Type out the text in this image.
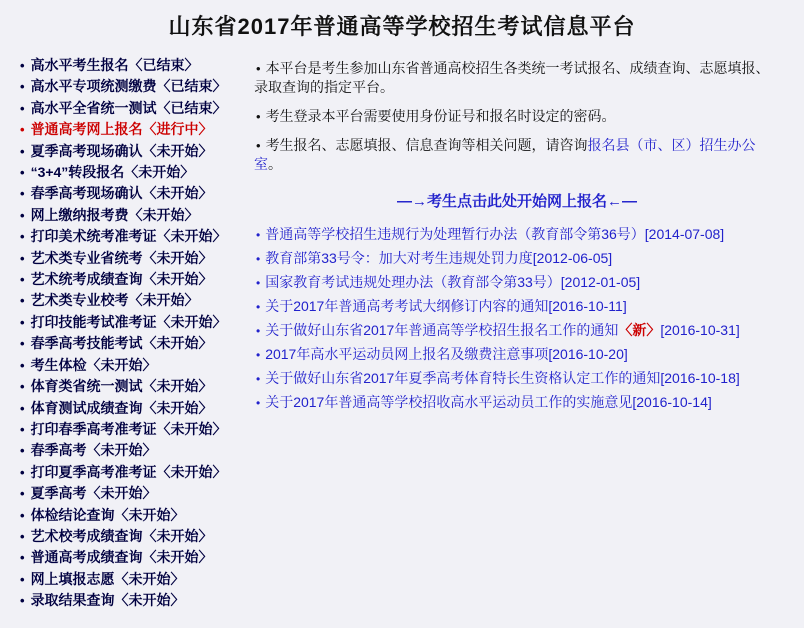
山东省2017年普通高等学校招生考试信息平台
• 高水平考生报名〈已结束〉
• 高水平专项统测缴费〈已结束〉
• 高水平全省统一测试〈已结束〉
• 普通高考网上报名〈进行中〉
• 夏季高考现场确认〈未开始〉
• “3+4”转段报名〈未开始〉
• 春季高考现场确认〈未开始〉
• 网上缴纳报考费〈未开始〉
• 打印美术统考准考证〈未开始〉
• 艺术类专业省统考〈未开始〉
• 艺术统考成绩查询〈未开始〉
• 艺术类专业校考〈未开始〉
• 打印技能考试准考证〈未开始〉
• 春季高考技能考试〈未开始〉
• 考生体检〈未开始〉
• 体育类省统一测试〈未开始〉
• 体育测试成绩查询〈未开始〉
• 打印春季高考准考证〈未开始〉
• 春季高考〈未开始〉
• 打印夏季高考准考证〈未开始〉
• 夏季高考〈未开始〉
• 体检结论查询〈未开始〉
• 艺术校考成绩查询〈未开始〉
• 普通高考成绩查询〈未开始〉
• 网上填报志愿〈未开始〉
• 录取结果查询〈未开始〉

• 本平台是考生参加山东省普通高校招生各类统一考试报名、成绩查询、志愿填报、录取查询的指定平台。

• 考生登录本平台需要使用身份证号和报名时设定的密码。

• 考生报名、志愿填报、信息查询等相关问题，请咨询报名县（市、区）招生办公室。

—→考生点击此处开始网上报名←—
• 普通高等学校招生违规行为处理暂行办法（教育部令第36号）[2014-07-08]
• 教育部第33号令：加大对考生违规处罚力度[2012-06-05]
• 国家教育考试违规处理办法（教育部令第33号）[2012-01-05]
• 关于2017年普通高考考试大纲修订内容的通知[2016-10-11]
• 关于做好山东省2017年普通高等学校招生报名工作的通知〈新〉[2016-10-31]
• 2017年高水平运动员网上报名及缴费注意事项[2016-10-20]
• 关于做好山东省2017年夏季高考体育特长生资格认定工作的通知[2016-10-18]
• 关于2017年普通高等学校招收高水平运动员工作的实施意见[2016-10-14]
